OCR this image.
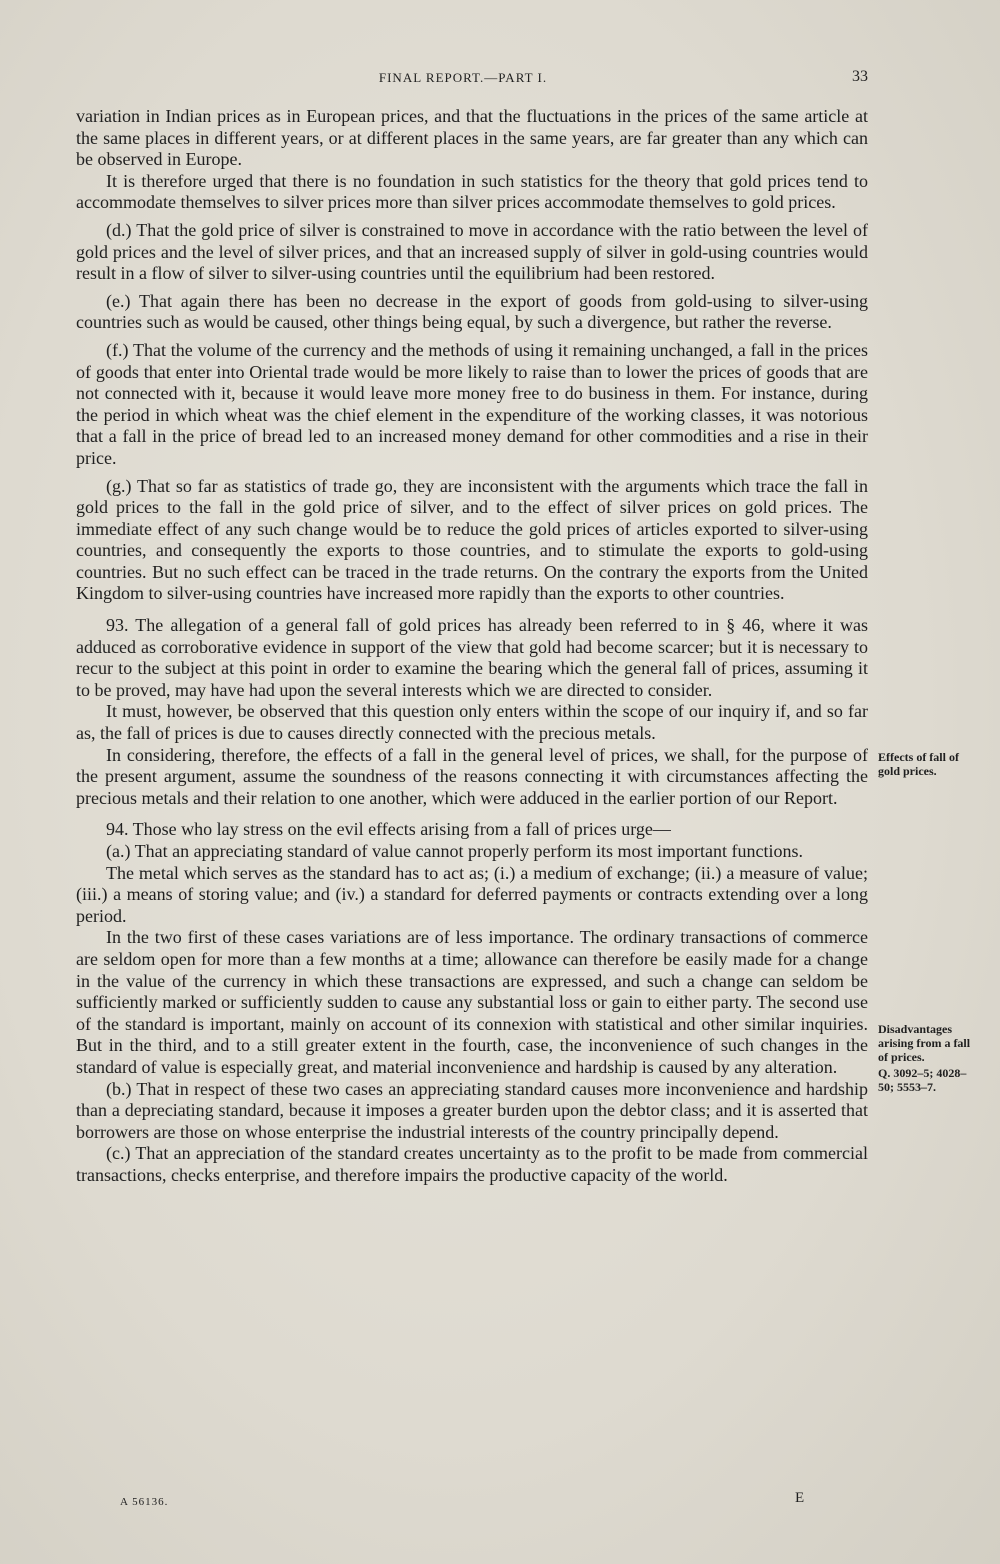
FINAL REPORT.—PART I.	33

variation in Indian prices as in European prices, and that the fluctuations in the prices of the same article at the same places in different years, or at different places in the same years, are far greater than any which can be observed in Europe.

It is therefore urged that there is no foundation in such statistics for the theory that gold prices tend to accommodate themselves to silver prices more than silver prices accommodate themselves to gold prices.

(d.) That the gold price of silver is constrained to move in accordance with the ratio between the level of gold prices and the level of silver prices, and that an increased supply of silver in gold-using countries would result in a flow of silver to silver-using countries until the equilibrium had been restored.

(e.) That again there has been no decrease in the export of goods from gold-using to silver-using countries such as would be caused, other things being equal, by such a divergence, but rather the reverse.

(f.) That the volume of the currency and the methods of using it remaining unchanged, a fall in the prices of goods that enter into Oriental trade would be more likely to raise than to lower the prices of goods that are not connected with it, because it would leave more money free to do business in them. For instance, during the period in which wheat was the chief element in the expenditure of the working classes, it was notorious that a fall in the price of bread led to an increased money demand for other commodities and a rise in their price.

(g.) That so far as statistics of trade go, they are inconsistent with the arguments which trace the fall in gold prices to the fall in the gold price of silver, and to the effect of silver prices on gold prices. The immediate effect of any such change would be to reduce the gold prices of articles exported to silver-using countries, and consequently the exports to those countries, and to stimulate the exports to gold-using countries. But no such effect can be traced in the trade returns. On the contrary the exports from the United Kingdom to silver-using countries have increased more rapidly than the exports to other countries.

93. The allegation of a general fall of gold prices has already been referred to in § 46, where it was adduced as corroborative evidence in support of the view that gold had become scarcer; but it is necessary to recur to the subject at this point in order to examine the bearing which the general fall of prices, assuming it to be proved, may have had upon the several interests which we are directed to consider.

It must, however, be observed that this question only enters within the scope of our inquiry if, and so far as, the fall of prices is due to causes directly connected with the precious metals.

In considering, therefore, the effects of a fall in the general level of prices, we shall, for the purpose of the present argument, assume the soundness of the reasons connecting it with circumstances affecting the precious metals and their relation to one another, which were adduced in the earlier portion of our Report.

94. Those who lay stress on the evil effects arising from a fall of prices urge—

(a.) That an appreciating standard of value cannot properly perform its most important functions.

The metal which serves as the standard has to act as; (i.) a medium of exchange; (ii.) a measure of value; (iii.) a means of storing value; and (iv.) a standard for deferred payments or contracts extending over a long period.

In the two first of these cases variations are of less importance. The ordinary transactions of commerce are seldom open for more than a few months at a time; allowance can therefore be easily made for a change in the value of the currency in which these transactions are expressed, and such a change can seldom be sufficiently marked or sufficiently sudden to cause any substantial loss or gain to either party. The second use of the standard is important, mainly on account of its connexion with statistical and other similar inquiries. But in the third, and to a still greater extent in the fourth, case, the inconvenience of such changes in the standard of value is especially great, and material inconvenience and hardship is caused by any alteration.

(b.) That in respect of these two cases an appreciating standard causes more inconvenience and hardship than a depreciating standard, because it imposes a greater burden upon the debtor class; and it is asserted that borrowers are those on whose enterprise the industrial interests of the country principally depend.

(c.) That an appreciation of the standard creates uncertainty as to the profit to be made from commercial transactions, checks enterprise, and therefore impairs the productive capacity of the world.

Effects of fall of gold prices.
Disadvantages arising from a fall of prices.
Q. 3092–5; 4028–50; 5553–7.
A 56136.	E
